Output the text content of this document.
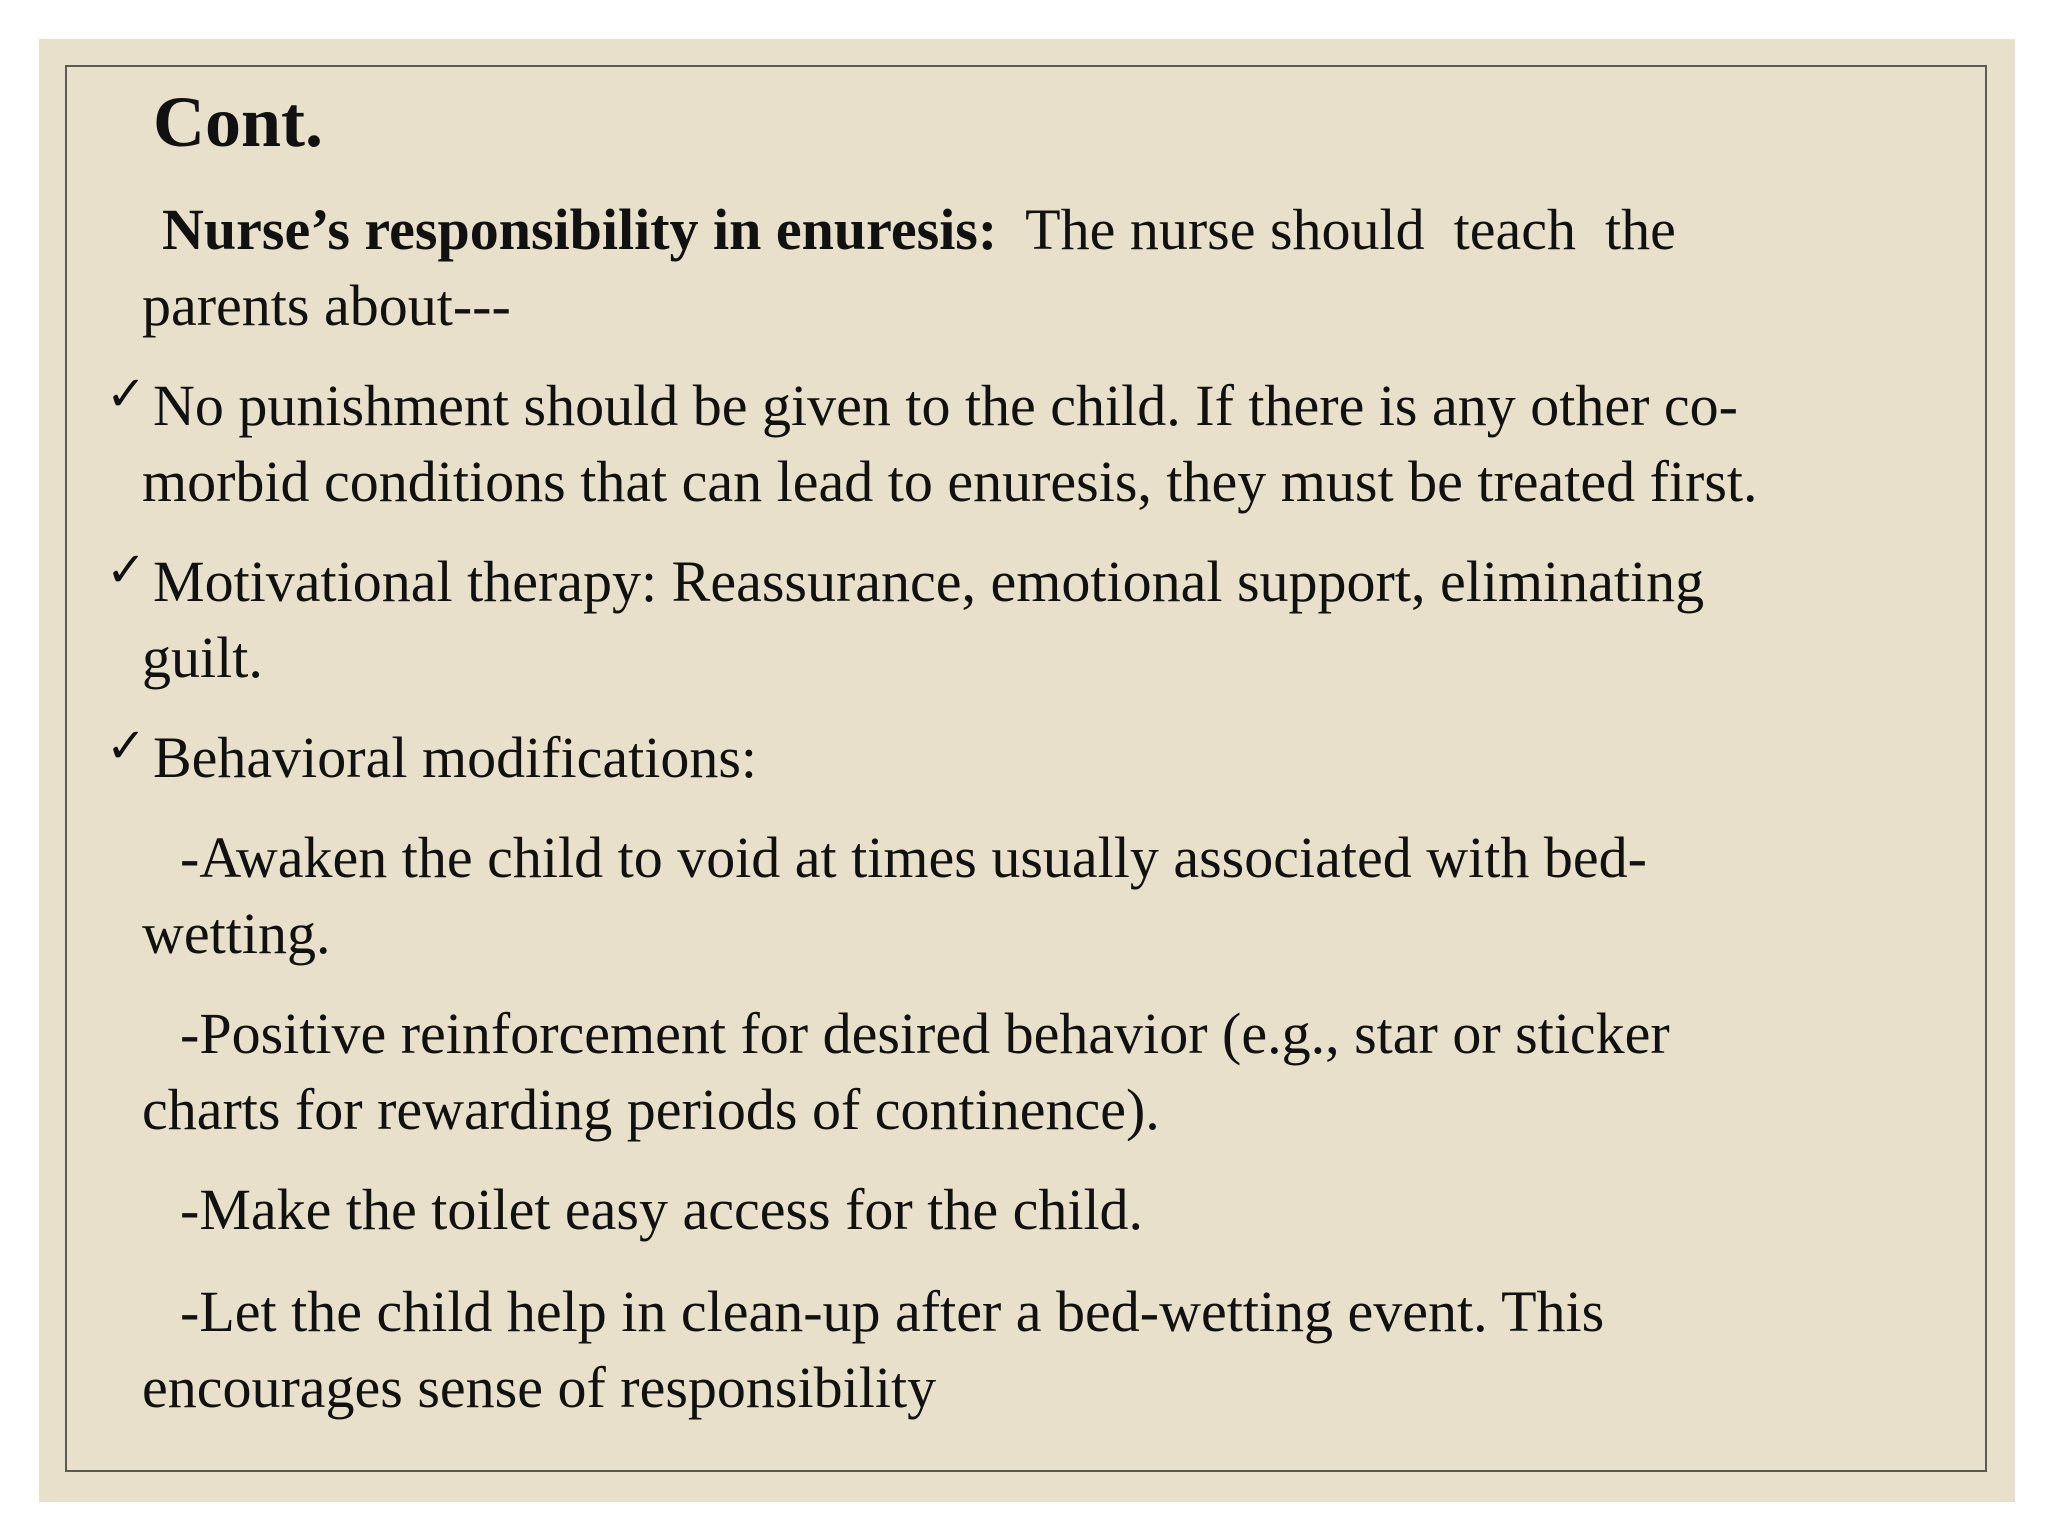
Cont.
Nurse’s responsibility in enuresis:  The nurse should  teach  the
parents about---
✓ No punishment should be given to the child. If there is any other co-
morbid conditions that can lead to enuresis, they must be treated first.
✓ Motivational therapy: Reassurance, emotional support, eliminating
guilt.
✓ Behavioral modifications:
-Awaken the child to void at times usually associated with bed-
wetting.
-Positive reinforcement for desired behavior (e.g., star or sticker
charts for rewarding periods of continence).
-Make the toilet easy access for the child.
-Let the child help in clean-up after a bed-wetting event. This
encourages sense of responsibility
